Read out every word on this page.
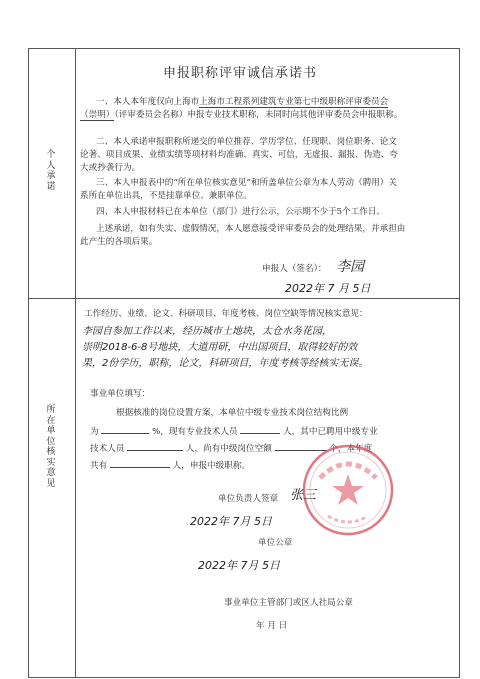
个人承诺
所在单位核实意见
申报职称评审诚信承诺书
一、本人本年度仅向上海市上海市工程系列建筑专业第七中级职称评审委员会
（崇明）（评审委员会名称）申报专业技术职称，未同时向其他评审委员会申报职称。
二、本人承诺申报职称所递交的单位推荐、学历学位、任现职、岗位职务、论文
论著、项目成果、业绩实绩等项材料均准确、真实、可信，无虚报、漏报、伪造、夸
大或抄袭行为。
三、本人申报表中的“所在单位核实意见”和所盖单位公章为本人劳动（聘用）关
系所在单位出具，不是挂靠单位、兼职单位。
四、本人申报材料已在本单位（部门）进行公示，公示期不少于5个工作日。
上述承诺，如有失实、虚假情况，本人愿意接受评审委员会的处理结果，并承担由
此产生的各项后果。
申报人（签名）： 李园
2022年 7 月 5日
工作经历、业绩、论文、科研项目、年度考核、岗位空缺等情况核实意见：
李园自参加工作以来，经历城市土地块，太仓水务花园，
崇明2018-6-8号地块，大道用研，中出国项目，取得较好的效
果，2份学历，职称，论文，科研项目，年度考核等经核实无误。
事业单位填写：
根据核准的岗位设置方案，本单位中级专业技术岗位结构比例
为	%，现有专业技术人员	人，其中已聘用中级专业
技术人员	人，尚有中级岗位空额	个，本年度
共有	人，申报中级职称。
单位负责人签章 张三
2022年 7月 5日
单位公章
2022年 7月 5日
事业单位主管部门或区人社局公章
年 月 日
